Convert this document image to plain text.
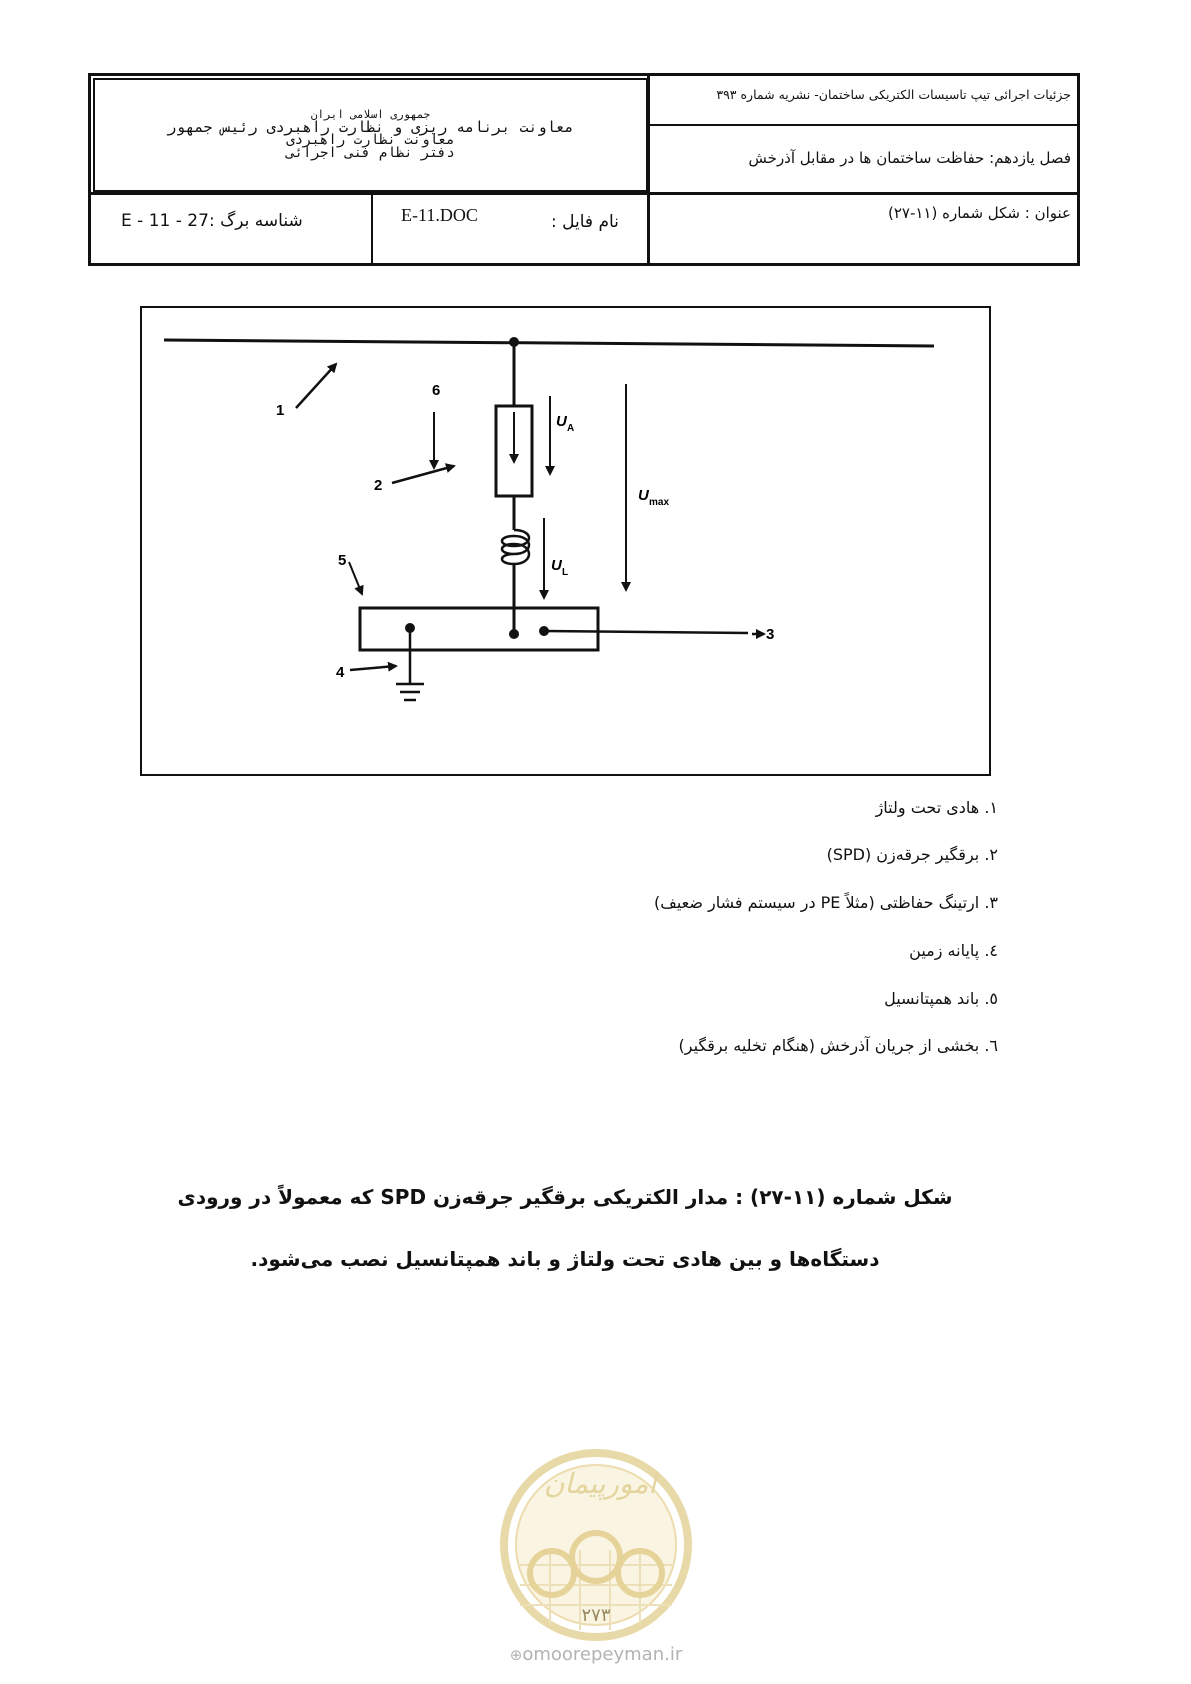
جمهوری اسلامی ایران
معاونت برنامه ریزی و نظارت راهبردی رئیس جمهور
معاونت نظارت راهبردی
دفتر نظام فنی اجرائی
جزئیات اجرائی تیپ تاسیسات الکتریکی ساختمان- نشریه شماره ۳۹۳
فصل یازدهم: حفاظت ساختمان ها در مقابل آذرخش
عنوان : شکل شماره (۱۱-۲۷)
نام فایل :
E-11.DOC
شناسه برگ :27 - 11 - E
1
2
3
4
5
6
U A
U L
U max
۱. هادی تحت ولتاژ
۲. برقگیر جرقه‌زن (SPD)
۳. ارتینگ حفاظتی (مثلاً PE در سیستم فشار ضعیف)
٤. پایانه زمین
٥. باند همپتانسیل
٦. بخشی از جریان آذرخش (هنگام تخلیه برقگیر)
شکل شماره (۱۱-۲۷) : مدار الکتریکی برقگیر جرقه‌زن SPD که معمولاً در ورودی
دستگاه‌ها و بین هادی تحت ولتاژ و باند همپتانسیل نصب می‌شود.
امورپیمان
۲۷۳
⊕omoorepeyman.ir
